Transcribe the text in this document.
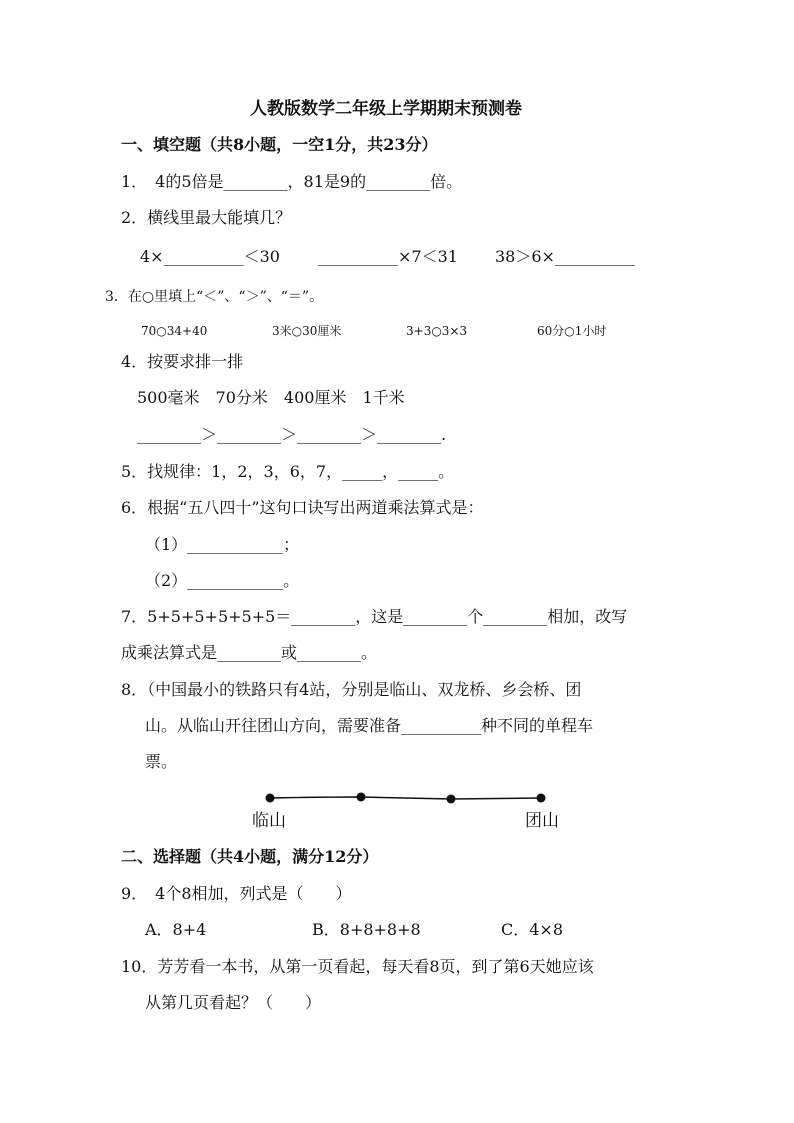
人教版数学二年级上学期期末预测卷
一、填空题（共8小题，一空1分，共23分）
1．　4的5倍是________，81是9的________倍。
2．横线里最大能填几？
4×__________＜30 __________×7＜31 38＞6×__________
3．在○里填上“＜”、“＞”、“＝”。
70○34+40	3米○30厘米	3+3○3×3	60分○1小时
4．按要求排一排
500毫米　70分米　400厘米　1千米
________＞________＞________＞________.
5．找规律：1，2，3，6，7，_____，_____。
6．根据“五八四十”这句口诀写出两道乘法算式是：
（1）____________；
（2）____________。
7．5+5+5+5+5+5＝________，这是________个________相加，改写
成乘法算式是________或________。
8．（中国最小的铁路只有4站，分别是临山、双龙桥、乡会桥、团
山。从临山开往团山方向，需要准备__________种不同的单程车
票。
临山	团山
二、选择题（共4小题，满分12分）
9．　4个8相加，列式是（　　）
A．8+4	B．8+8+8+8	C．4×8
10．芳芳看一本书，从第一页看起，每天看8页，到了第6天她应该
从第几页看起？（　　）
